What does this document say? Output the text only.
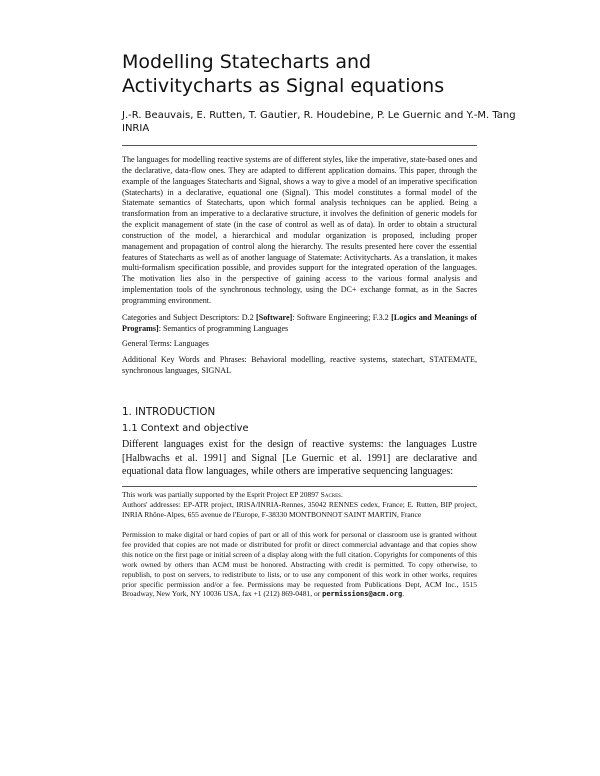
Modelling Statecharts and Activitycharts as Signal equations
J.-R. Beauvais, E. Rutten, T. Gautier, R. Houdebine, P. Le Guernic and Y.-M. Tang
INRIA

The languages for modelling reactive systems are of different styles, like the imperative, state-based ones and the declarative, data-flow ones. They are adapted to different application domains. This paper, through the example of the languages Statecharts and Signal, shows a way to give a model of an imperative specification (Statecharts) in a declarative, equational one (Signal). This model constitutes a formal model of the Statemate semantics of Statecharts, upon which formal analysis techniques can be applied. Being a transformation from an imperative to a declarative structure, it involves the definition of generic models for the explicit management of state (in the case of control as well as of data). In order to obtain a structural construction of the model, a hierarchical and modular organization is proposed, including proper management and propagation of control along the hierarchy. The results presented here cover the essential features of Statecharts as well as of another language of Statemate: Activitycharts. As a translation, it makes multi-formalism specification possible, and provides support for the integrated operation of the languages. The motivation lies also in the perspective of gaining access to the various formal analysis and implementation tools of the synchronous technology, using the DC+ exchange format, as in the Sacres programming environment.

Categories and Subject Descriptors: D.2 [Software]: Software Engineering; F.3.2 [Logics and Meanings of Programs]: Semantics of programming Languages

General Terms: Languages

Additional Key Words and Phrases: Behavioral modelling, reactive systems, statechart, STATEMATE, synchronous languages, SIGNAL

1. INTRODUCTION
1.1 Context and objective

Different languages exist for the design of reactive systems: the languages Lustre [Halbwachs et al. 1991] and Signal [Le Guernic et al. 1991] are declarative and equational data flow languages, while others are imperative sequencing languages:

This work was partially supported by the Esprit Project EP 20897 Sacres.

Authors' addresses: EP-ATR project, IRISA/INRIA-Rennes, 35042 RENNES cedex, France; E. Rutten, BIP project, INRIA Rhône-Alpes, 655 avenue de l'Europe, F-38330 MONTBONNOT SAINT MARTIN, France

Permission to make digital or hard copies of part or all of this work for personal or classroom use is granted without fee provided that copies are not made or distributed for profit or direct commercial advantage and that copies show this notice on the first page or initial screen of a display along with the full citation. Copyrights for components of this work owned by others than ACM must be honored. Abstracting with credit is permitted. To copy otherwise, to republish, to post on servers, to redistribute to lists, or to use any component of this work in other works, requires prior specific permission and/or a fee. Permissions may be requested from Publications Dept, ACM Inc., 1515 Broadway, New York, NY 10036 USA, fax +1 (212) 869-0481, or permissions@acm.org.
